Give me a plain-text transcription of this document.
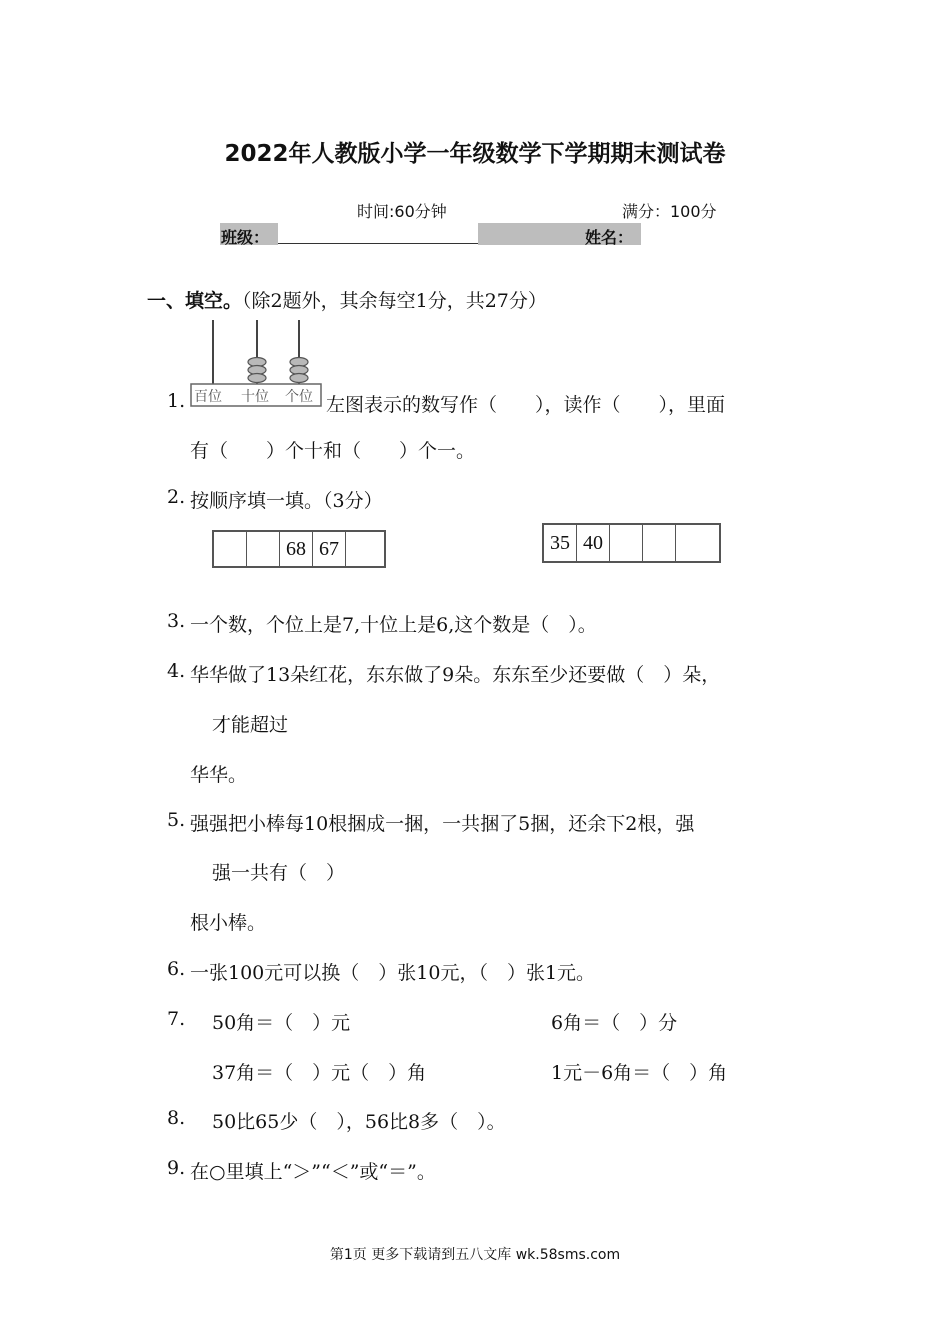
2022年人教版小学一年级数学下学期期末测试卷
时间:60分钟	满分：100分
班级：	姓名：
一、填空。（除2题外，其余每空1分，共27分）
百位 十位 个位
1.	左图表示的数写作（　　），读作（　　），里面
有（　　）个十和（　　）个一。
2. 按顺序填一填。（3分）
68 67	35 40
3. 一个数，个位上是7,十位上是6,这个数是（　）。
4. 华华做了13朵红花，东东做了9朵。东东至少还要做（　）朵，
才能超过
华华。
5. 强强把小棒每10根捆成一捆，一共捆了5捆，还余下2根，强
强一共有（　）
根小棒。
6. 一张100元可以换（　）张10元，（　）张1元。
7. 50角＝（　）元	6角＝（　）分
37角＝（　）元（　）角	1元－6角＝（　）角
8. 50比65少（　），56比8多（　）。
9. 在○里填上“＞”“＜”或“＝”。
第1页 更多下载请到五八文库 wk.58sms.com
